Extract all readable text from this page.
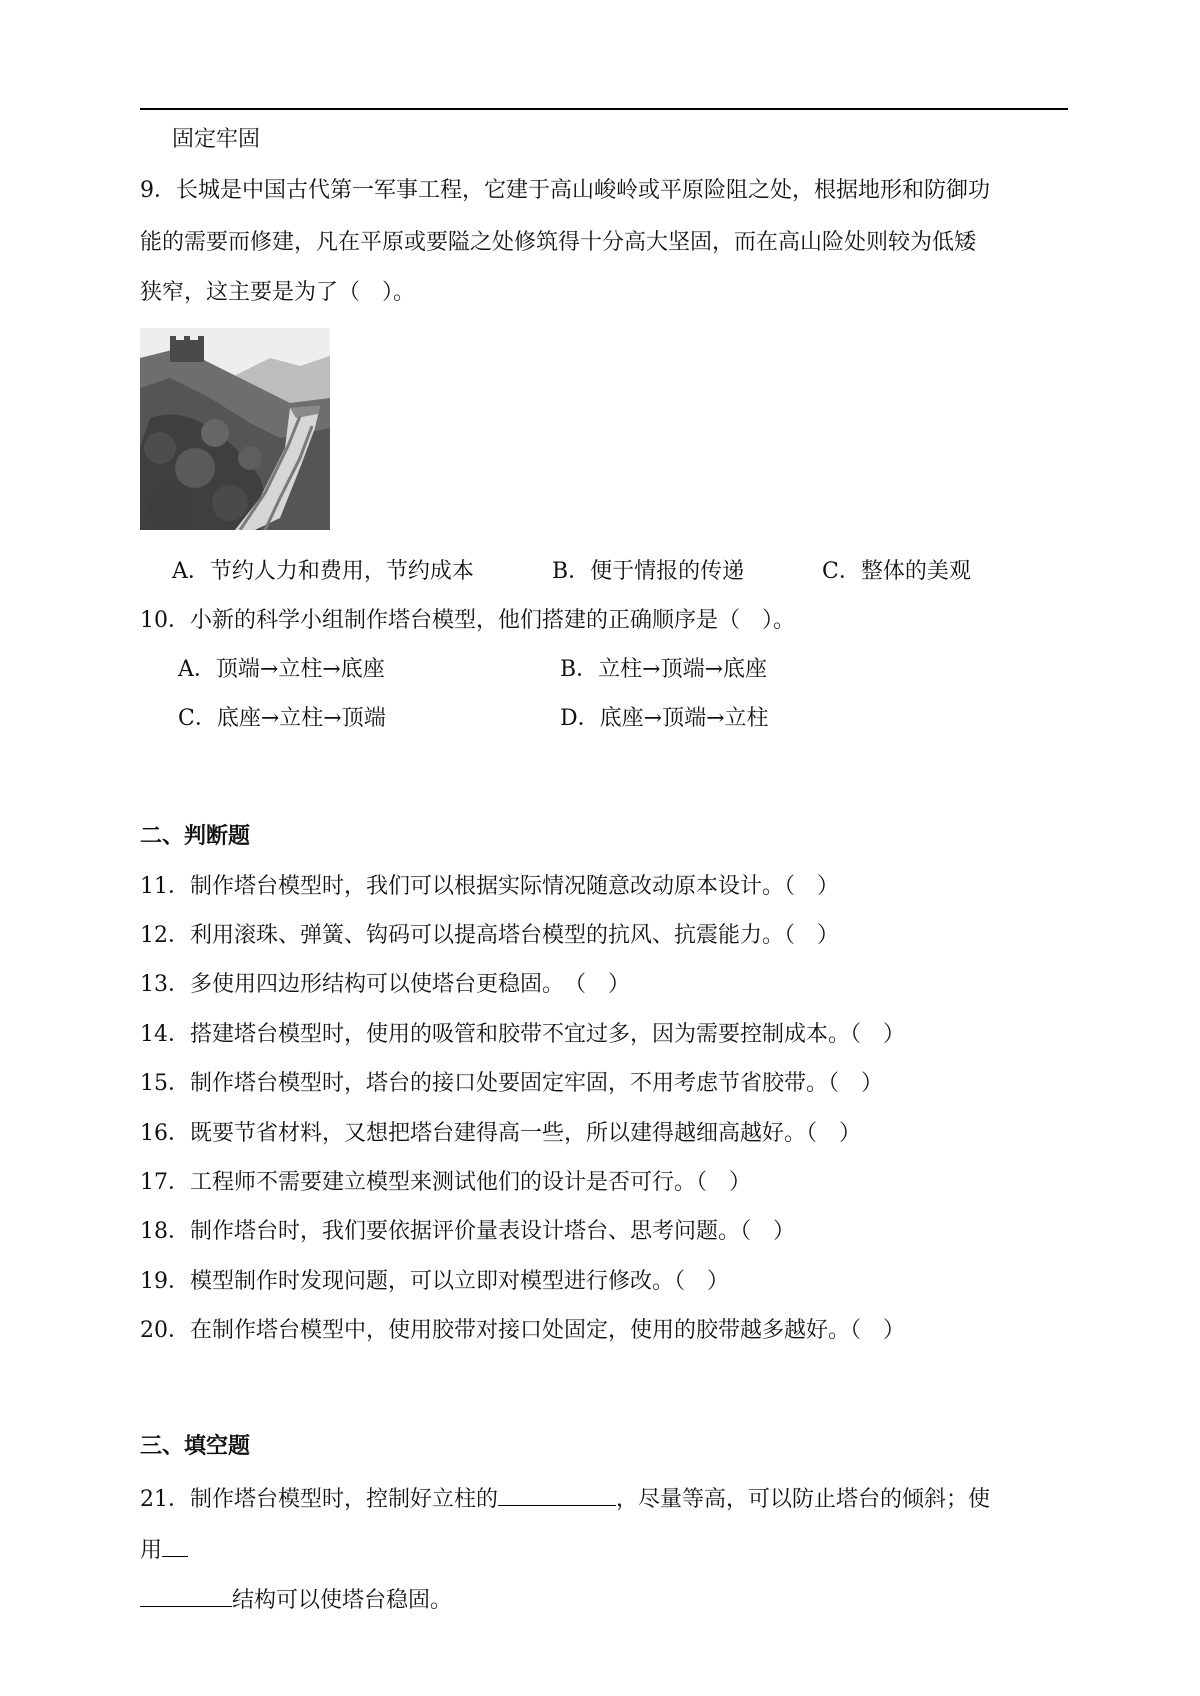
固定牢固
9．长城是中国古代第一军事工程，它建于高山峻岭或平原险阻之处，根据地形和防御功
能的需要而修建，凡在平原或要隘之处修筑得十分高大坚固，而在高山险处则较为低矮
狭窄，这主要是为了（　）。
A．节约人力和费用，节约成本	B．便于情报的传递	C．整体的美观
10．小新的科学小组制作塔台模型，他们搭建的正确顺序是（　）。
A．顶端→立柱→底座	B．立柱→顶端→底座
C．底座→立柱→顶端	D．底座→顶端→立柱
二、判断题
11．制作塔台模型时，我们可以根据实际情况随意改动原本设计。（　）
12．利用滚珠、弹簧、钩码可以提高塔台模型的抗风、抗震能力。（　）
13．多使用四边形结构可以使塔台更稳固。　（　）
14．搭建塔台模型时，使用的吸管和胶带不宜过多，因为需要控制成本。（　）
15．制作塔台模型时，塔台的接口处要固定牢固，不用考虑节省胶带。（　）
16．既要节省材料，又想把塔台建得高一些，所以建得越细高越好。（　）
17．工程师不需要建立模型来测试他们的设计是否可行。（　）
18．制作塔台时，我们要依据评价量表设计塔台、思考问题。（　）
19．模型制作时发现问题，可以立即对模型进行修改。（　）
20．在制作塔台模型中，使用胶带对接口处固定，使用的胶带越多越好。（　）
三、填空题
21．制作塔台模型时，控制好立柱的	，尽量等高，可以防止塔台的倾斜；使
用
结构可以使塔台稳固。
